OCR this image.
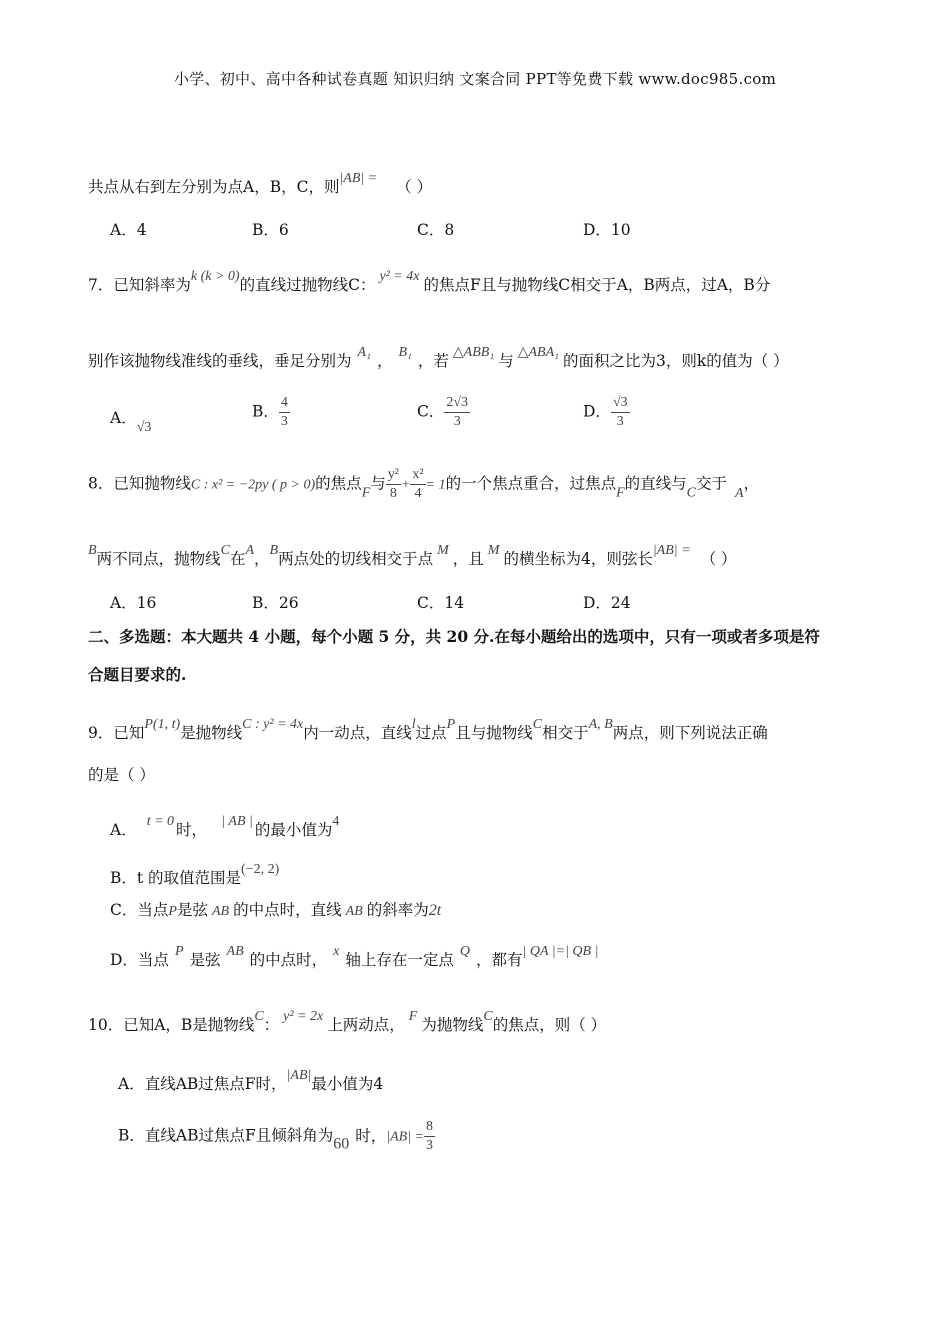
小学、初中、高中各种试卷真题 知识归纳 文案合同 PPT等免费下载 www.doc985.com
共点从右到左分别为点A，B，C，则|AB| = （ ）
A．4	B．6	C．8	D．10
7．已知斜率为k (k > 0)的直线过抛物线C： y² = 4x 的焦点F且与抛物线C相交于A，B两点，过A，B分
别作该抛物线准线的垂线，垂足分别为 A₁ ， B₁ ，若 △ABB₁ 与 △ABA₁ 的面积之比为3，则k的值为（ ）
A．√3
B． $\frac{4}{3}$	C． $\frac{2√3}{3}$	D． $\frac{√3}{3}$
8．已知抛物线C : x² = −2py ( p > 0)的焦点F与 $\frac{\text{y²}}{8} + \frac{\text{x²}}{4} = 1$的一个焦点重合，过焦点F的直线与C交于A，
B两不同点，抛物线C在A，B两点处的切线相交于点 M ，且 M 的横坐标为4，则弦长|AB| = （ ）
A．16	B．26	C．14	D．24
二、多选题：本大题共 4 小题，每个小题 5 分，共 20 分.在每小题给出的选项中，只有一项或者多项是符
合题目要求的.
9．已知P(1, t)是抛物线C : y² = 4x内一动点，直线l过点P且与抛物线C相交于A, B两点，则下列说法正确
的是（ ）
A． t = 0 时， | AB | 的最小值为4
B．t 的取值范围是(−2, 2)
C．当点P是弦 AB 的中点时，直线 AB 的斜率为2t
D．当点 P 是弦 AB 的中点时， x 轴上存在一定点 Q ，都有| QA |=| QB |
10．已知A，B是抛物线C： y² = 2x 上两动点， F 为抛物线C的焦点，则（ ）
A．直线AB过焦点F时，|AB|最小值为4
B．直线AB过焦点F且倾斜角为60 时，$|AB| = \frac{8}{3}$
